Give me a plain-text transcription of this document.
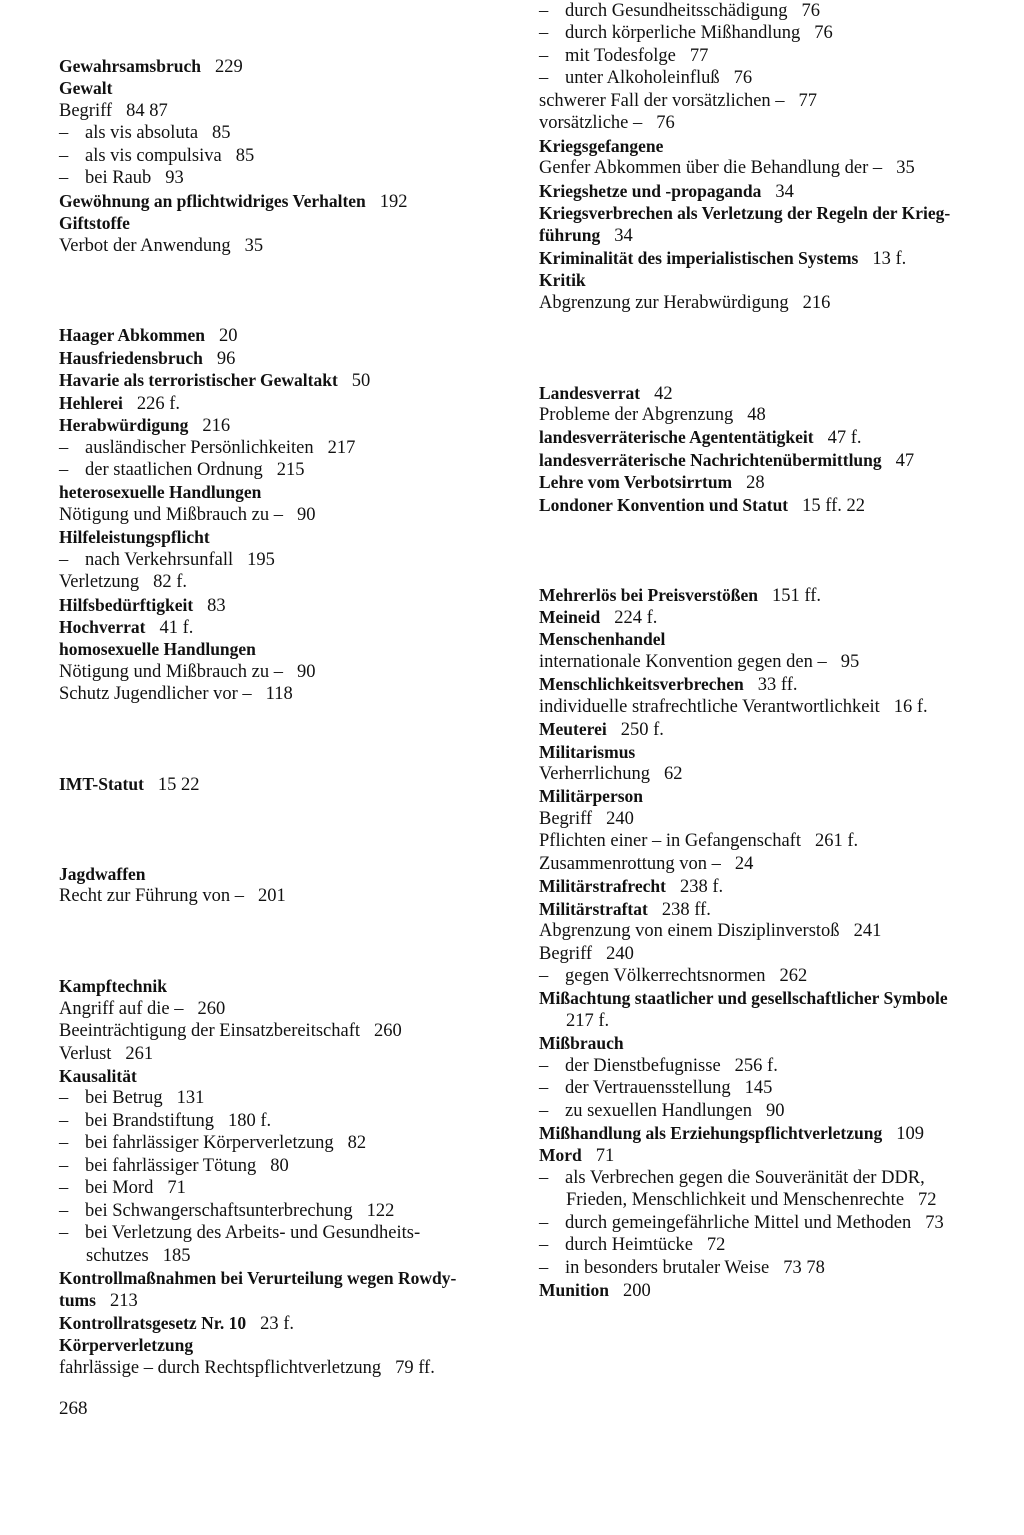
Gewahrsamsbruch 229
Gewalt
Begriff 84 87
– als vis absoluta 85
– als vis compulsiva 85
– bei Raub 93
Gewöhnung an pflichtwidriges Verhalten 192
Giftstoffe
Verbot der Anwendung 35
Haager Abkommen 20
Hausfriedensbruch 96
Havarie als terroristischer Gewaltakt 50
Hehlerei 226 f.
Herabwürdigung 216
– ausländischer Persönlichkeiten 217
– der staatlichen Ordnung 215
heterosexuelle Handlungen
Nötigung und Mißbrauch zu – 90
Hilfeleistungspflicht
– nach Verkehrsunfall 195
Verletzung 82 f.
Hilfsbedürftigkeit 83
Hochverrat 41 f.
homosexuelle Handlungen
Nötigung und Mißbrauch zu – 90
Schutz Jugendlicher vor – 118
IMT-Statut 15 22
Jagdwaffen
Recht zur Führung von – 201
Kampftechnik
Angriff auf die – 260
Beeinträchtigung der Einsatzbereitschaft 260
Verlust 261
Kausalität
– bei Betrug 131
– bei Brandstiftung 180 f.
– bei fahrlässiger Körperverletzung 82
– bei fahrlässiger Tötung 80
– bei Mord 71
– bei Schwangerschaftsunterbrechung 122
– bei Verletzung des Arbeits- und Gesundheits-
schutzes 185
Kontrollmaßnahmen bei Verurteilung wegen Rowdy-
tums 213
Kontrollratsgesetz Nr. 10 23 f.
Körperverletzung
fahrlässige – durch Rechtspflichtverletzung 79 ff.
– durch Gesundheitsschädigung 76
– durch körperliche Mißhandlung 76
– mit Todesfolge 77
– unter Alkoholeinfluß 76
schwerer Fall der vorsätzlichen – 77
vorsätzliche – 76
Kriegsgefangene
Genfer Abkommen über die Behandlung der – 35
Kriegshetze und -propaganda 34
Kriegsverbrechen als Verletzung der Regeln der Krieg-
führung 34
Kriminalität des imperialistischen Systems 13 f.
Kritik
Abgrenzung zur Herabwürdigung 216
Landesverrat 42
Probleme der Abgrenzung 48
landesverräterische Agententätigkeit 47 f.
landesverräterische Nachrichtenübermittlung 47
Lehre vom Verbotsirrtum 28
Londoner Konvention und Statut 15 ff. 22
Mehrerlös bei Preisverstößen 151 ff.
Meineid 224 f.
Menschenhandel
internationale Konvention gegen den – 95
Menschlichkeitsverbrechen 33 ff.
individuelle strafrechtliche Verantwortlichkeit 16 f.
Meuterei 250 f.
Militarismus
Verherrlichung 62
Militärperson
Begriff 240
Pflichten einer – in Gefangenschaft 261 f.
Zusammenrottung von – 24
Militärstrafrecht 238 f.
Militärstraftat 238 ff.
Abgrenzung von einem Disziplinverstoß 241
Begriff 240
– gegen Völkerrechtsnormen 262
Mißachtung staatlicher und gesellschaftlicher Symbole
217 f.
Mißbrauch
– der Dienstbefugnisse 256 f.
– der Vertrauensstellung 145
– zu sexuellen Handlungen 90
Mißhandlung als Erziehungspflichtverletzung 109
Mord 71
– als Verbrechen gegen die Souveränität der DDR,
Frieden, Menschlichkeit und Menschenrechte 72
– durch gemeingefährliche Mittel und Methoden 73
– durch Heimtücke 72
– in besonders brutaler Weise 73 78
Munition 200
268
